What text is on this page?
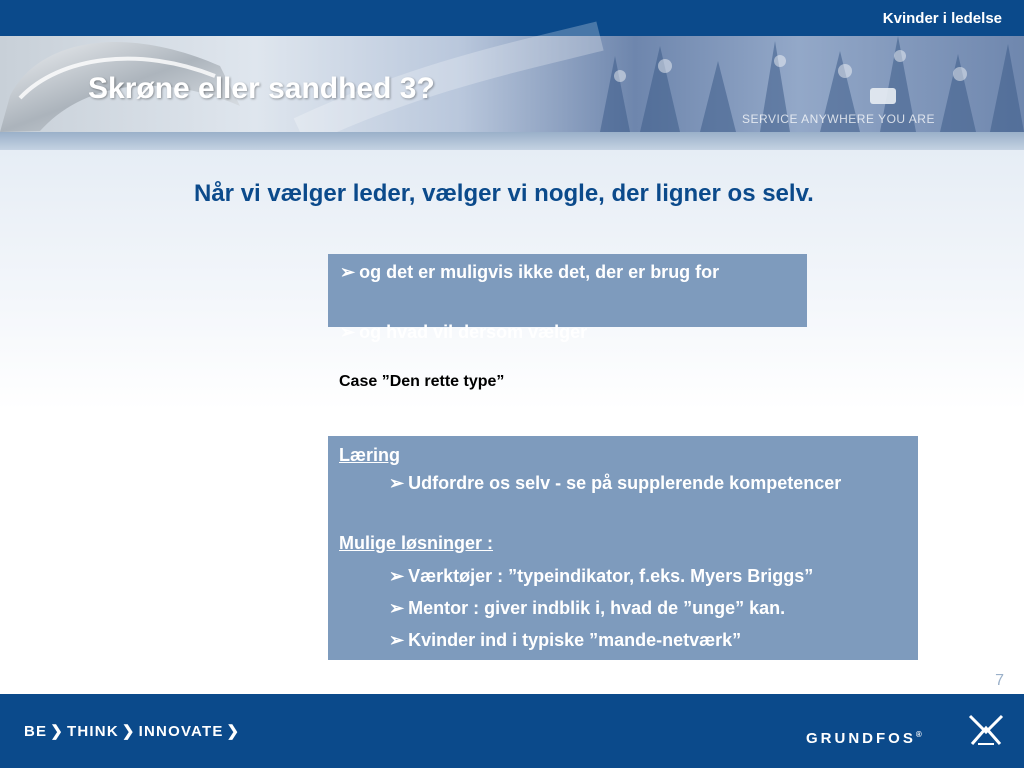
Kvinder i ledelse
Skrøne eller sandhed 3?
SERVICE ANYWHERE YOU ARE
Når vi vælger leder, vælger vi nogle, der ligner os selv.
➢ og det er muligvis ikke det, der er brug for
➢ og hvad vil dersom vælger
Case ”Den rette type”
Læring
➢ Udfordre os selv - se på supplerende kompetencer
Mulige løsninger :
➢ Værktøjer : ”typeindikator, f.eks. Myers Briggs”
➢ Mentor : giver indblik i, hvad de ”unge” kan.
➢ Kvinder ind i typiske ”mande-netværk”
7
BE ❯ THINK ❯ INNOVATE ❯	GRUNDFOS®
